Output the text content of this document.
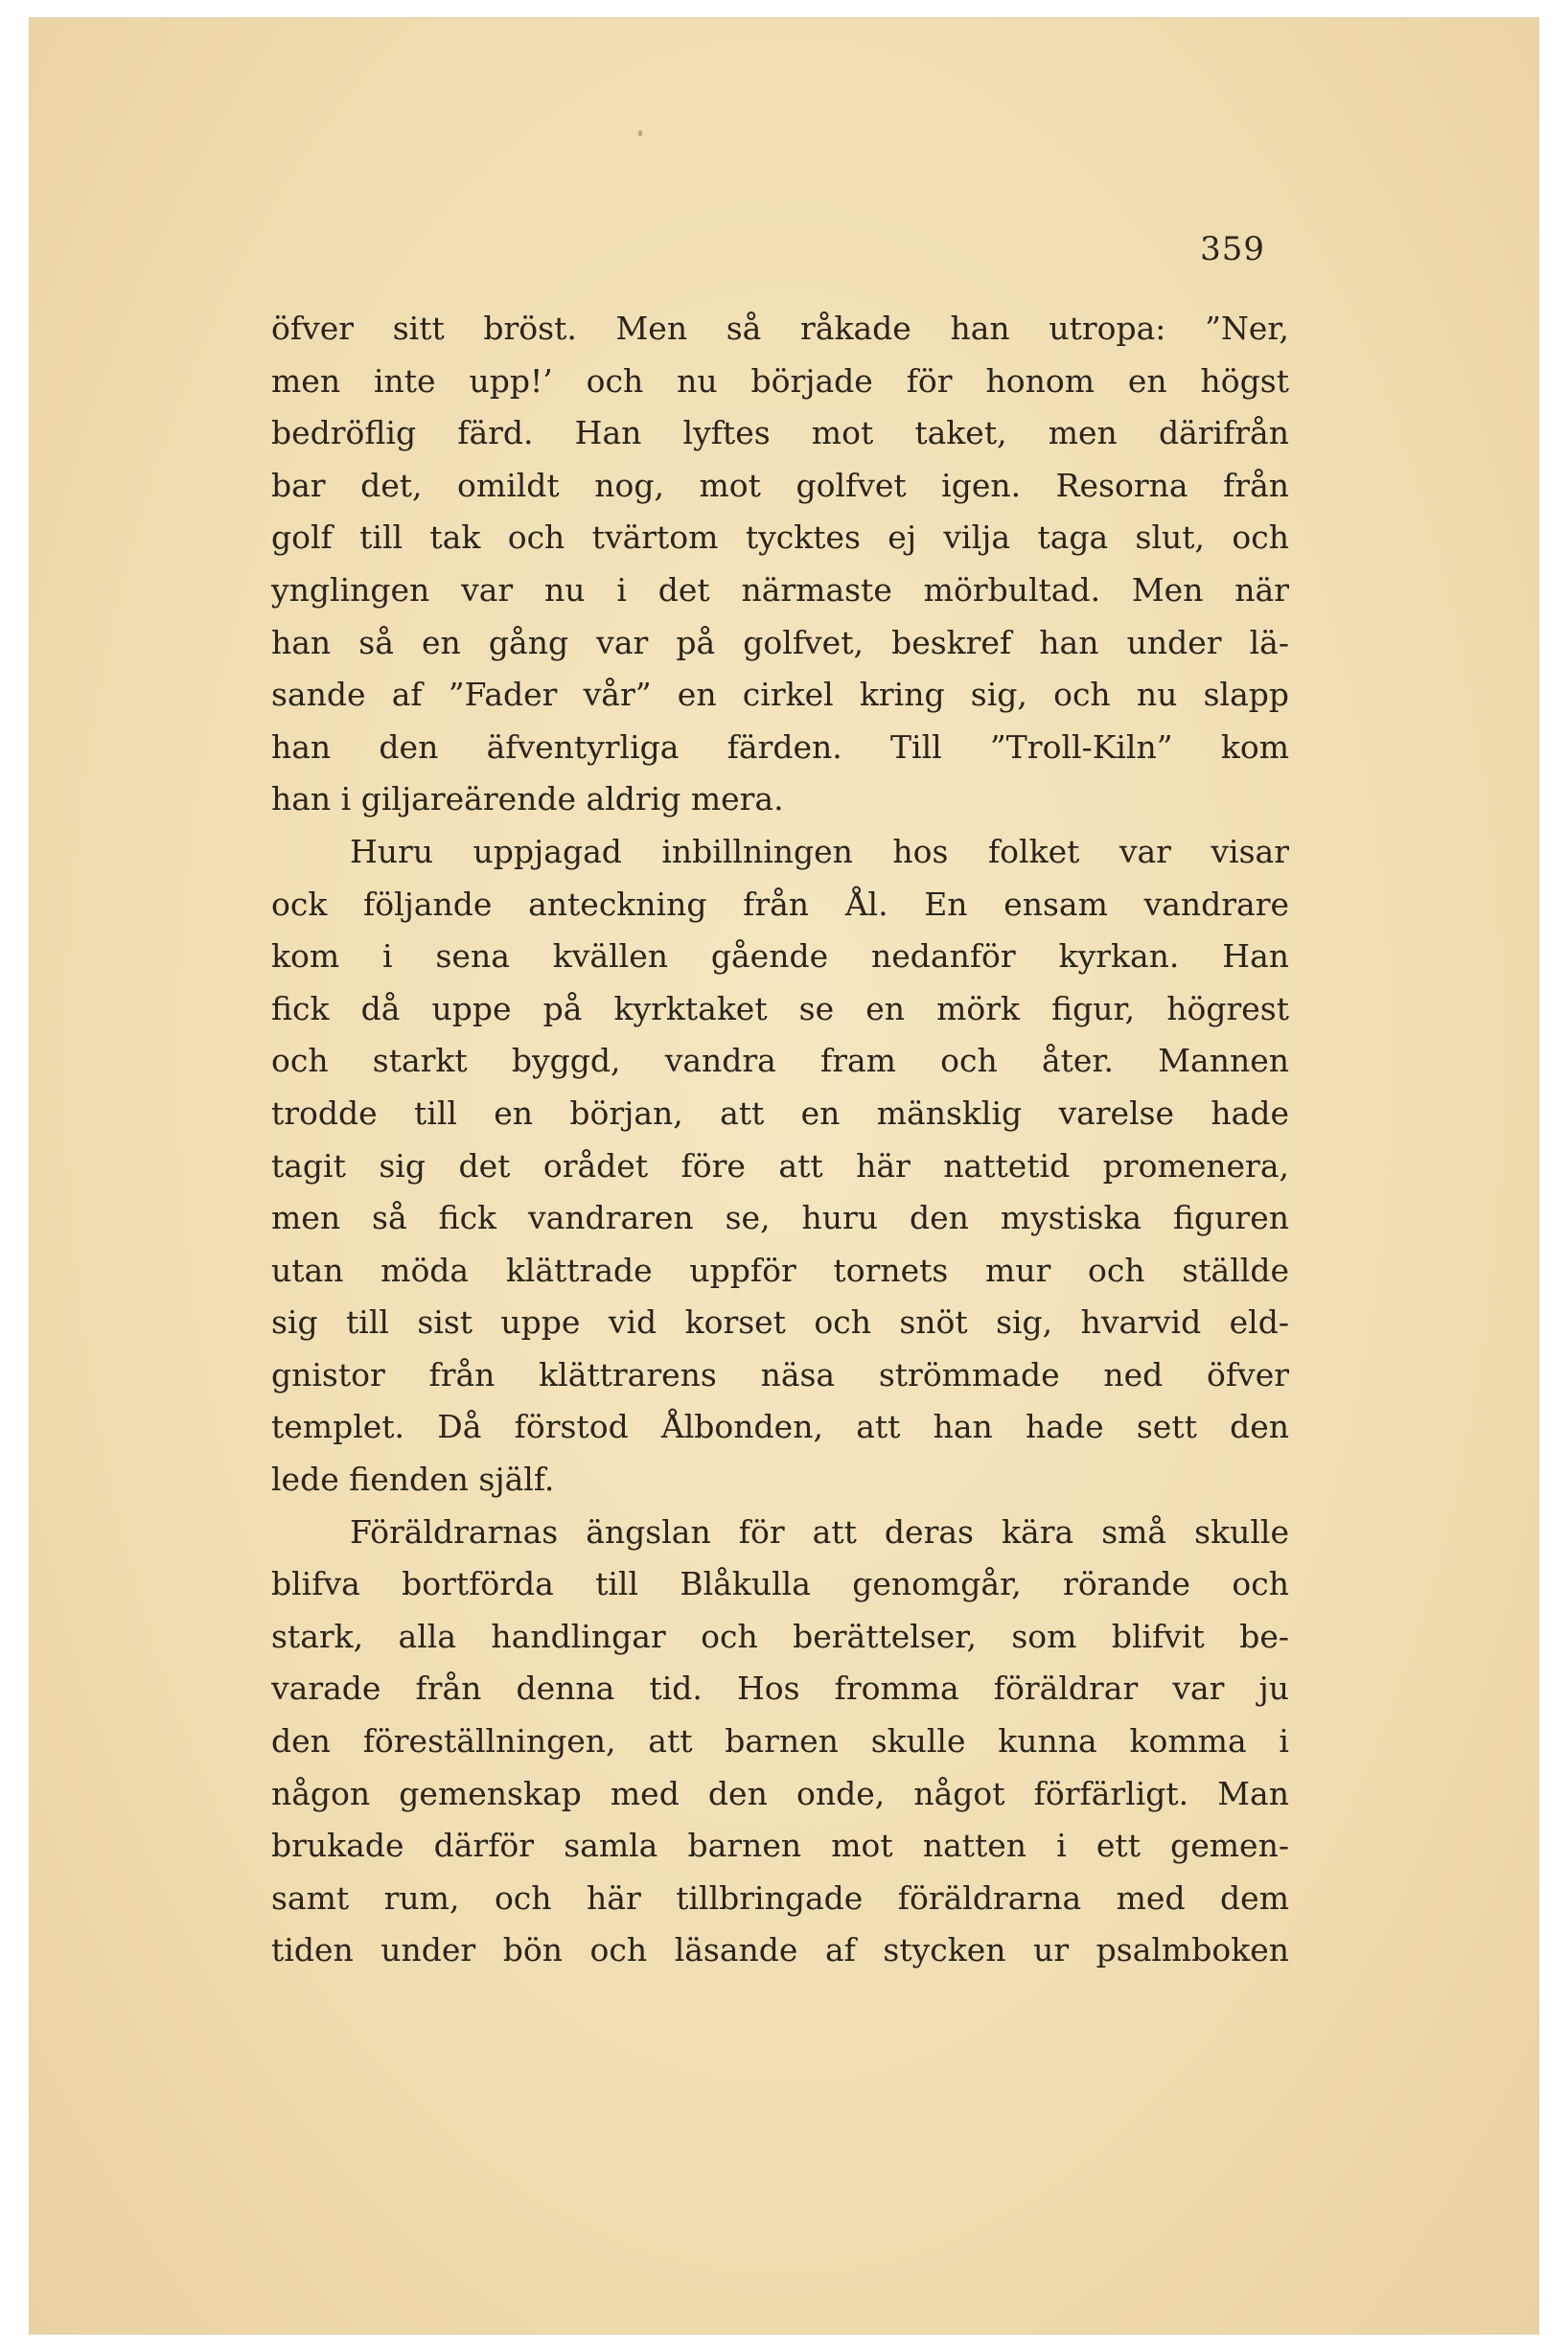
359
öfver sitt bröst. Men så råkade han utropa: ”Ner,
men inte upp!’ och nu började för honom en högst
bedröflig färd. Han lyftes mot taket, men därifrån
bar det, omildt nog, mot golfvet igen. Resorna från
golf till tak och tvärtom tycktes ej vilja taga slut, och
ynglingen var nu i det närmaste mörbultad. Men när
han så en gång var på golfvet, beskref han under lä-
sande af ”Fader vår” en cirkel kring sig, och nu slapp
han den äfventyrliga färden. Till ”Troll-Kiln” kom
han i giljareärende aldrig mera.
Huru uppjagad inbillningen hos folket var visar
ock följande anteckning från Ål. En ensam vandrare
kom i sena kvällen gående nedanför kyrkan. Han
fick då uppe på kyrktaket se en mörk figur, högrest
och starkt byggd, vandra fram och åter. Mannen
trodde till en början, att en mänsklig varelse hade
tagit sig det orådet före att här nattetid promenera,
men så fick vandraren se, huru den mystiska figuren
utan möda klättrade uppför tornets mur och ställde
sig till sist uppe vid korset och snöt sig, hvarvid eld-
gnistor från klättrarens näsa strömmade ned öfver
templet. Då förstod Ålbonden, att han hade sett den
lede fienden själf.
Föräldrarnas ängslan för att deras kära små skulle
blifva bortförda till Blåkulla genomgår, rörande och
stark, alla handlingar och berättelser, som blifvit be-
varade från denna tid. Hos fromma föräldrar var ju
den föreställningen, att barnen skulle kunna komma i
någon gemenskap med den onde, något förfärligt. Man
brukade därför samla barnen mot natten i ett gemen-
samt rum, och här tillbringade föräldrarna med dem
tiden under bön och läsande af stycken ur psalmboken
